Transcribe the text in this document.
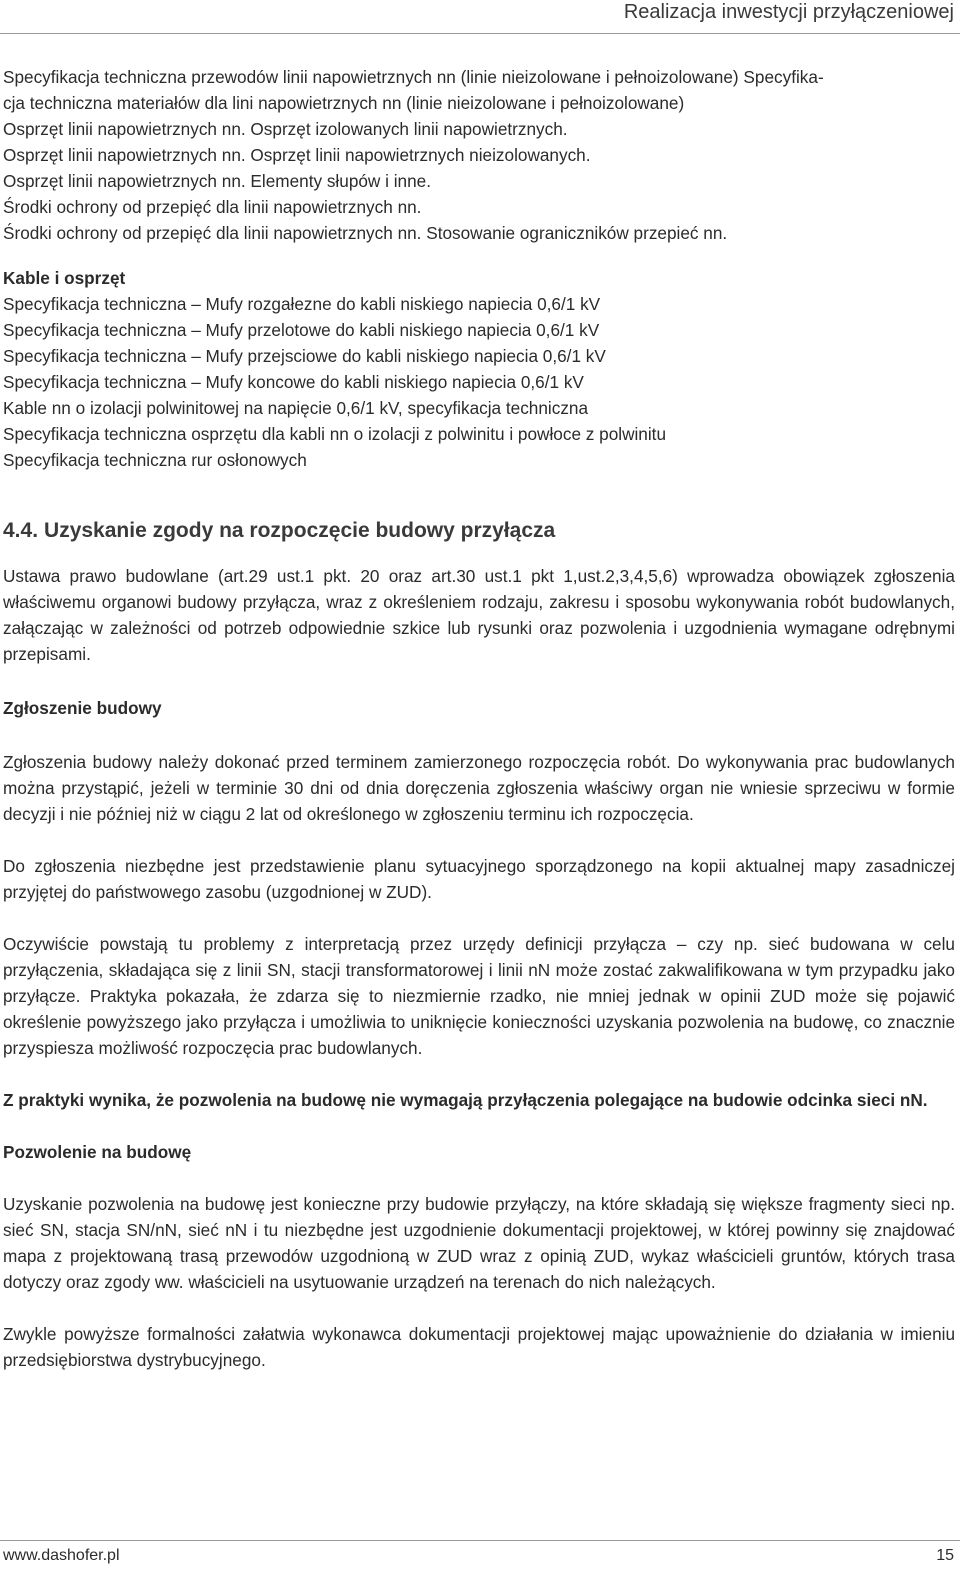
Realizacja inwestycji przyłączeniowej
Specyfikacja techniczna przewodów linii napowietrznych nn (linie nieizolowane i pełnoizolowane) Specyfika-
cja techniczna materiałów dla lini napowietrznych nn (linie nieizolowane i pełnoizolowane)
Osprzęt linii napowietrznych nn. Osprzęt izolowanych linii napowietrznych.
Osprzęt linii napowietrznych nn. Osprzęt linii napowietrznych nieizolowanych.
Osprzęt linii napowietrznych nn. Elementy słupów i inne.
Środki ochrony od przepięć dla linii napowietrznych nn.
Środki ochrony od przepięć dla linii napowietrznych nn. Stosowanie ograniczników przepieć nn.
Kable i osprzęt
Specyfikacja techniczna – Mufy rozgałezne do kabli niskiego napiecia 0,6/1 kV
Specyfikacja techniczna – Mufy przelotowe do kabli niskiego napiecia 0,6/1 kV
Specyfikacja techniczna – Mufy przejsciowe do kabli niskiego napiecia 0,6/1 kV
Specyfikacja techniczna – Mufy koncowe do kabli niskiego napiecia 0,6/1 kV
Kable nn o izolacji polwinitowej na napięcie 0,6/1 kV, specyfikacja techniczna
Specyfikacja techniczna osprzętu dla kabli nn o izolacji z polwinitu i powłoce z polwinitu
Specyfikacja techniczna rur osłonowych
4.4. Uzyskanie zgody na rozpoczęcie budowy przyłącza

Ustawa prawo budowlane (art.29 ust.1 pkt. 20 oraz art.30 ust.1 pkt 1,ust.2,3,4,5,6) wprowadza obowiązek zgłoszenia właściwemu organowi budowy przyłącza, wraz z określeniem rodzaju, zakresu i sposobu wykonywania robót budowlanych, załączając w zależności od potrzeb odpowiednie szkice lub rysunki oraz pozwolenia i uzgodnienia wymagane odrębnymi przepisami.

Zgłoszenie budowy

Zgłoszenia budowy należy dokonać przed terminem zamierzonego rozpoczęcia robót. Do wykonywania prac budowlanych można przystąpić, jeżeli w terminie 30 dni od dnia doręczenia zgłoszenia właściwy organ nie wniesie sprzeciwu w formie decyzji i nie później niż w ciągu 2 lat od określonego w zgłoszeniu terminu ich rozpoczęcia.

Do zgłoszenia niezbędne jest przedstawienie planu sytuacyjnego sporządzonego na kopii aktualnej mapy zasadniczej przyjętej do państwowego zasobu (uzgodnionej w ZUD).

Oczywiście powstają tu problemy z interpretacją przez urzędy definicji przyłącza – czy np. sieć budowana w celu przyłączenia, składająca się z linii SN, stacji transformatorowej i linii nN może zostać zakwalifikowana w tym przypadku jako przyłącze. Praktyka pokazała, że zdarza się to niezmiernie rzadko, nie mniej jednak w opinii ZUD może się pojawić określenie powyższego jako przyłącza i umożliwia to uniknięcie konieczności uzyskania pozwolenia na budowę, co znacznie przyspiesza możliwość rozpoczęcia prac budowlanych.

Z praktyki wynika, że pozwolenia na budowę nie wymagają przyłączenia polegające na budowie odcinka sieci nN.

Pozwolenie na budowę

Uzyskanie pozwolenia na budowę jest konieczne przy budowie przyłączy, na które składają się większe fragmenty sieci np. sieć SN, stacja SN/nN, sieć nN i tu niezbędne jest uzgodnienie dokumentacji projektowej, w której powinny się znajdować mapa z projektowaną trasą przewodów uzgodnioną w ZUD wraz z opinią ZUD, wykaz właścicieli gruntów, których trasa dotyczy oraz zgody ww. właścicieli na usytuowanie urządzeń na terenach do nich należących.

Zwykle powyższe formalności załatwia wykonawca dokumentacji projektowej mając upoważnienie do działania w imieniu przedsiębiorstwa dystrybucyjnego.

www.dashofer.pl	15
